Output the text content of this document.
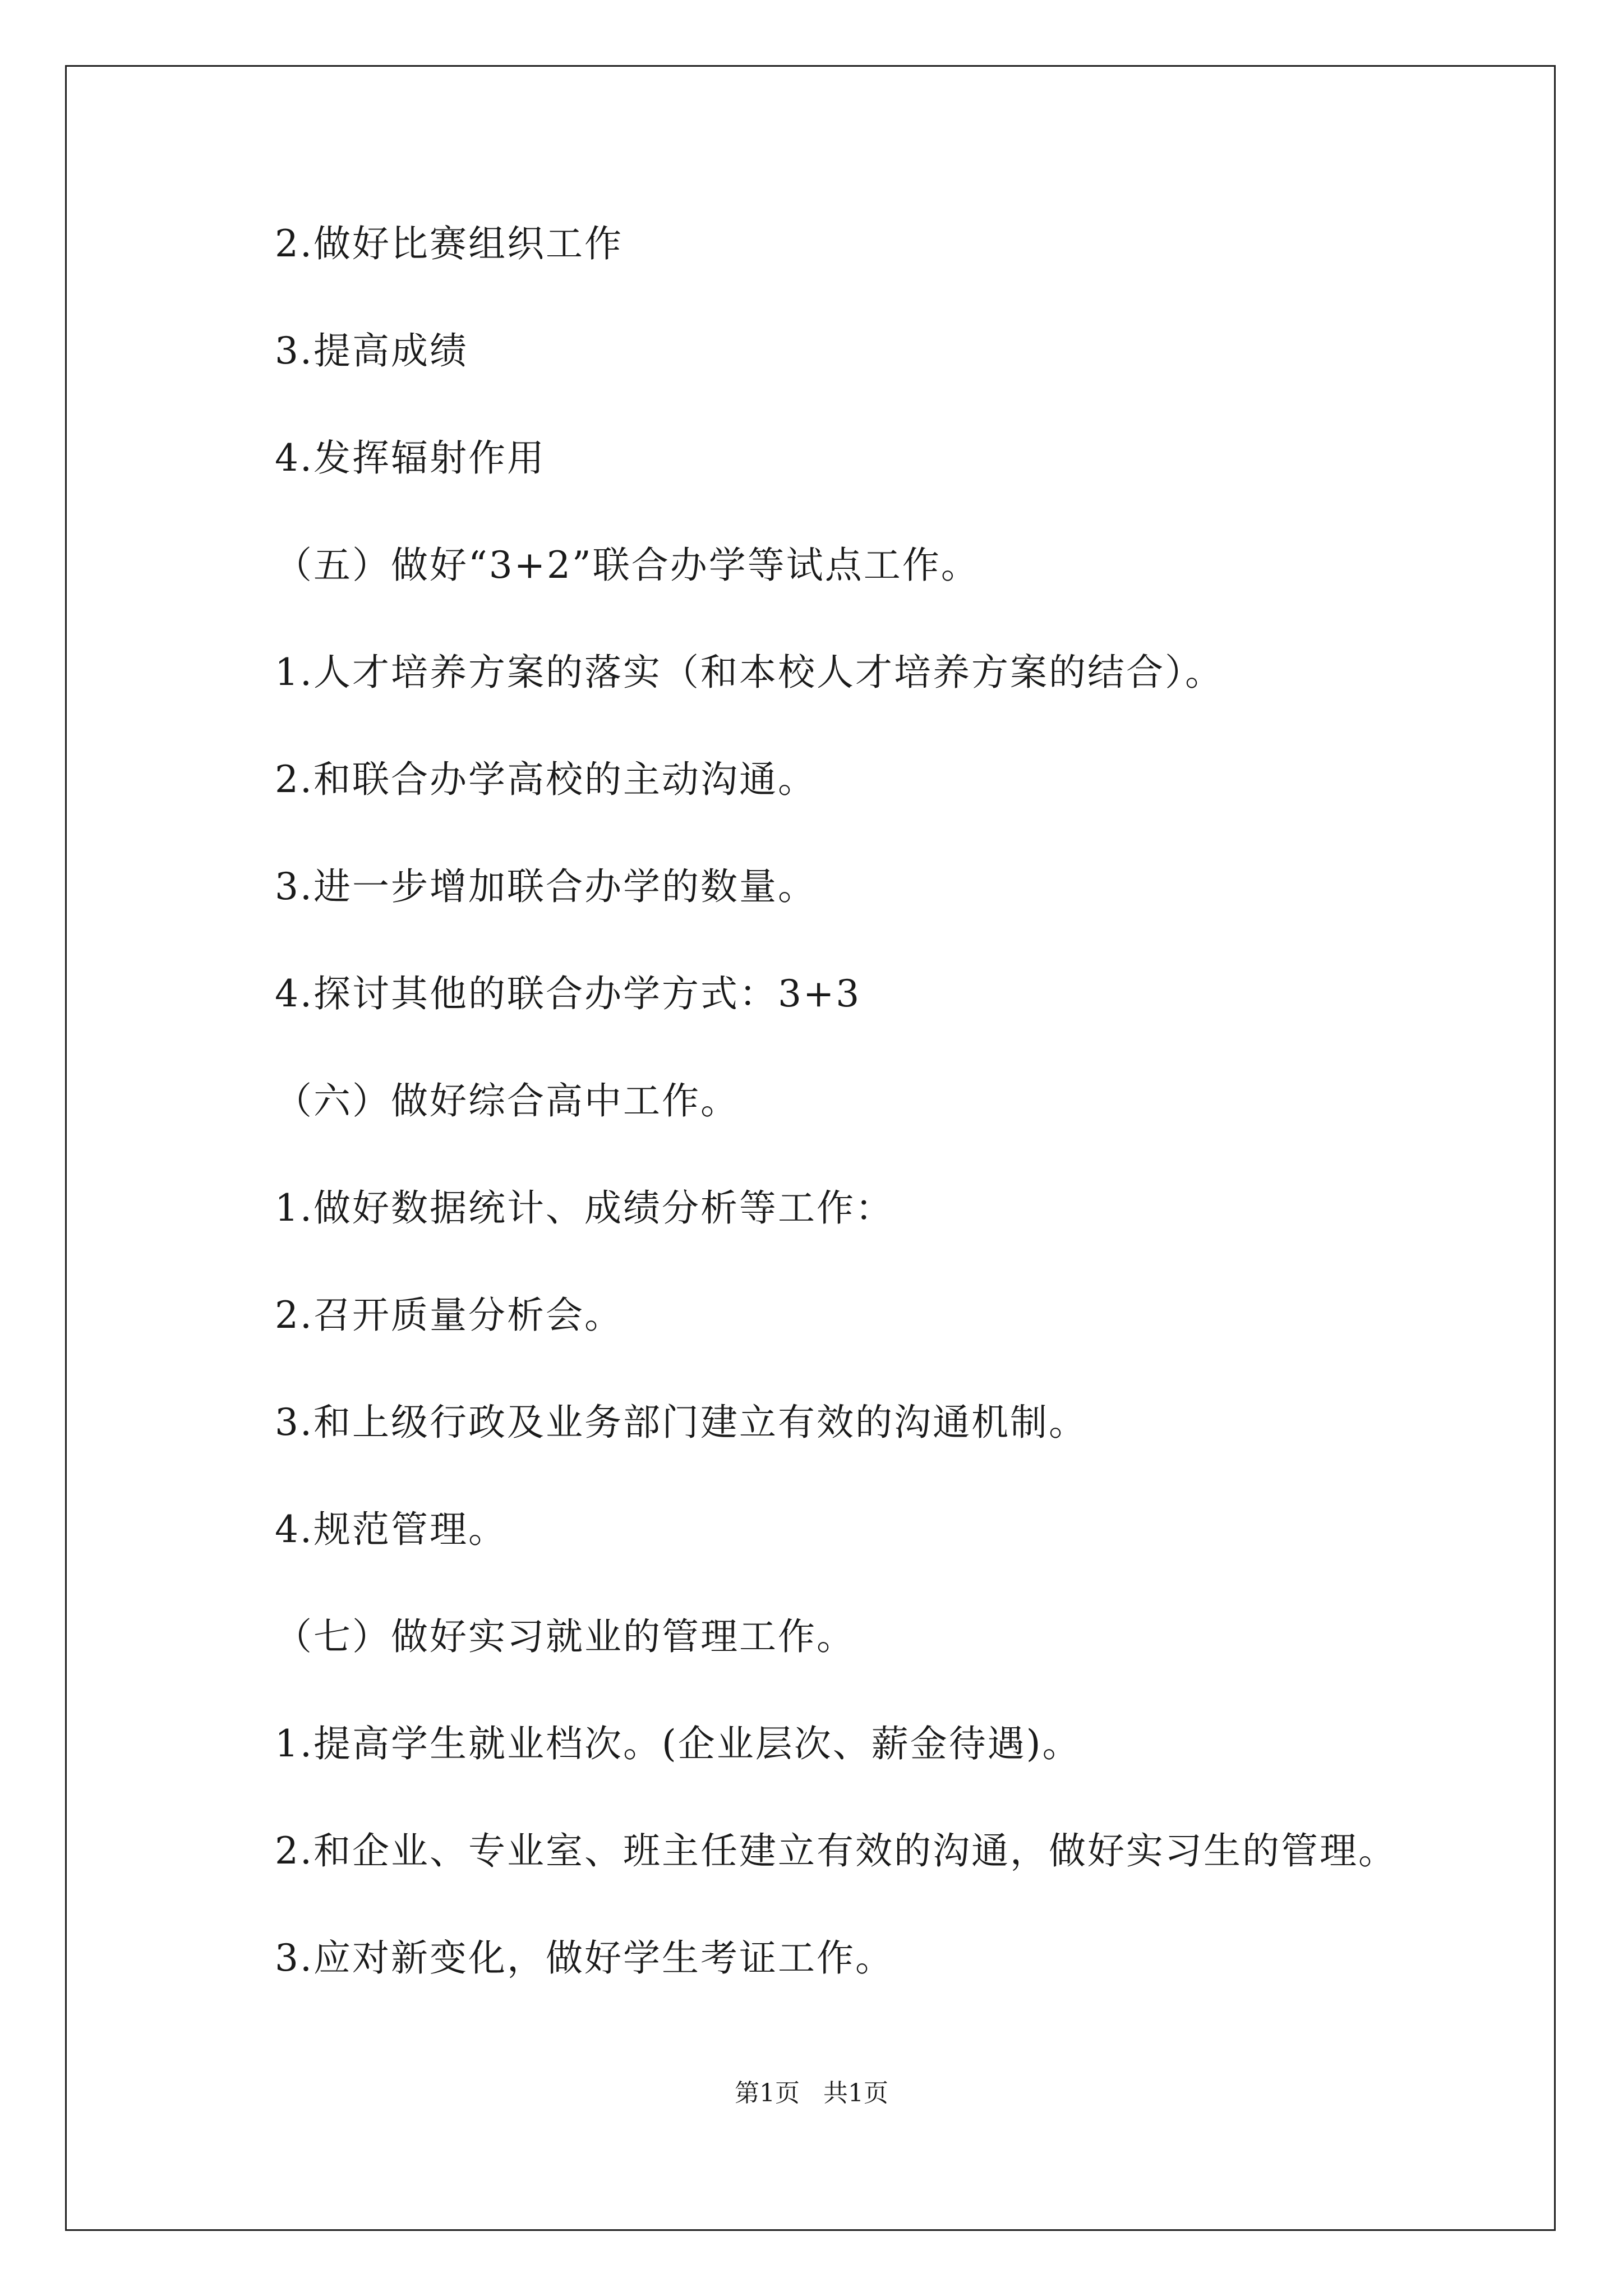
2.做好比赛组织工作
3.提高成绩
4.发挥辐射作用
（五）做好“3+2”联合办学等试点工作。
1.人才培养方案的落实（和本校人才培养方案的结合）。
2.和联合办学高校的主动沟通。
3.进一步增加联合办学的数量。
4.探讨其他的联合办学方式：3+3
（六）做好综合高中工作。
1.做好数据统计、成绩分析等工作：
2.召开质量分析会。
3.和上级行政及业务部门建立有效的沟通机制。
4.规范管理。
（七）做好实习就业的管理工作。
1.提高学生就业档次。(企业层次、薪金待遇)。
2.和企业、专业室、班主任建立有效的沟通，做好实习生的管理。
3.应对新变化，做好学生考证工作。
第1页   共1页
